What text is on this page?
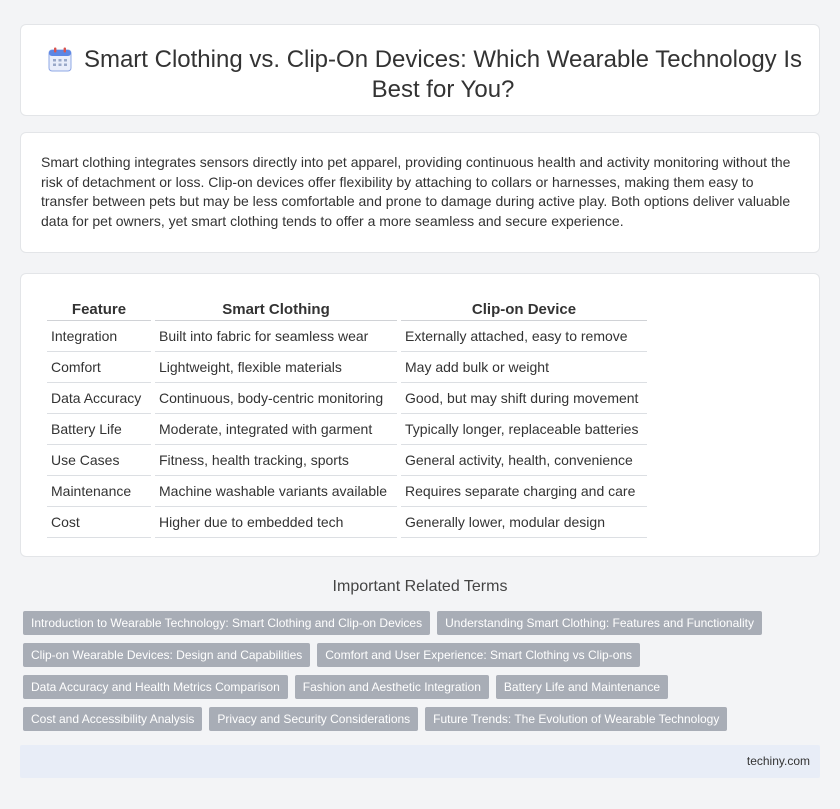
Smart Clothing vs. Clip-On Devices: Which Wearable Technology Is Best for You?

Smart clothing integrates sensors directly into pet apparel, providing continuous health and activity monitoring without the risk of detachment or loss. Clip-on devices offer flexibility by attaching to collars or harnesses, making them easy to transfer between pets but may be less comfortable and prone to damage during active play. Both options deliver valuable data for pet owners, yet smart clothing tends to offer a more seamless and secure experience.

Feature	Smart Clothing	Clip-on Device
Integration	Built into fabric for seamless wear	Externally attached, easy to remove
Comfort	Lightweight, flexible materials	May add bulk or weight
Data Accuracy	Continuous, body-centric monitoring	Good, but may shift during movement
Battery Life	Moderate, integrated with garment	Typically longer, replaceable batteries
Use Cases	Fitness, health tracking, sports	General activity, health, convenience
Maintenance	Machine washable variants available	Requires separate charging and care
Cost	Higher due to embedded tech	Generally lower, modular design
Important Related Terms
Introduction to Wearable Technology: Smart Clothing and Clip-on Devices	Understanding Smart Clothing: Features and Functionality
Clip-on Wearable Devices: Design and Capabilities	Comfort and User Experience: Smart Clothing vs Clip-ons
Data Accuracy and Health Metrics Comparison	Fashion and Aesthetic Integration	Battery Life and Maintenance
Cost and Accessibility Analysis	Privacy and Security Considerations	Future Trends: The Evolution of Wearable Technology
techiny.com
